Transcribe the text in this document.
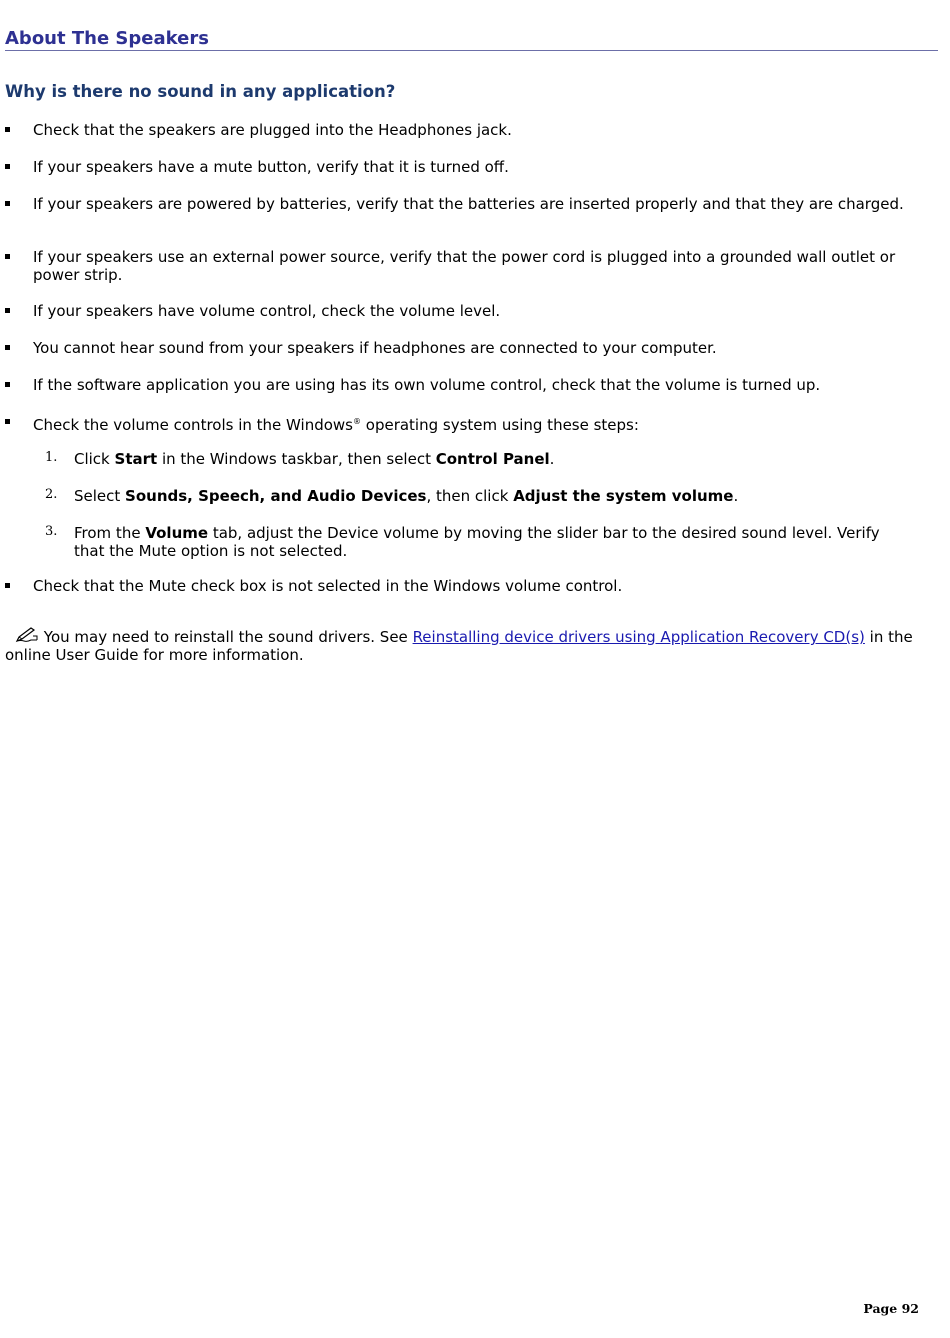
About The Speakers
Why is there no sound in any application?
Check that the speakers are plugged into the Headphones jack.
If your speakers have a mute button, verify that it is turned off.
If your speakers are powered by batteries, verify that the batteries are inserted properly and that they are charged.
If your speakers use an external power source, verify that the power cord is plugged into a grounded wall outlet or power strip.
If your speakers have volume control, check the volume level.
You cannot hear sound from your speakers if headphones are connected to your computer.
If the software application you are using has its own volume control, check that the volume is turned up.
Check the volume controls in the Windows® operating system using these steps:
1. Click Start in the Windows taskbar, then select Control Panel.
2. Select Sounds, Speech, and Audio Devices, then click Adjust the system volume.
3. From the Volume tab, adjust the Device volume by moving the slider bar to the desired sound level. Verify that the Mute option is not selected.
Check that the Mute check box is not selected in the Windows volume control.
You may need to reinstall the sound drivers. See Reinstalling device drivers using Application Recovery CD(s) in the online User Guide for more information.
Page 92
